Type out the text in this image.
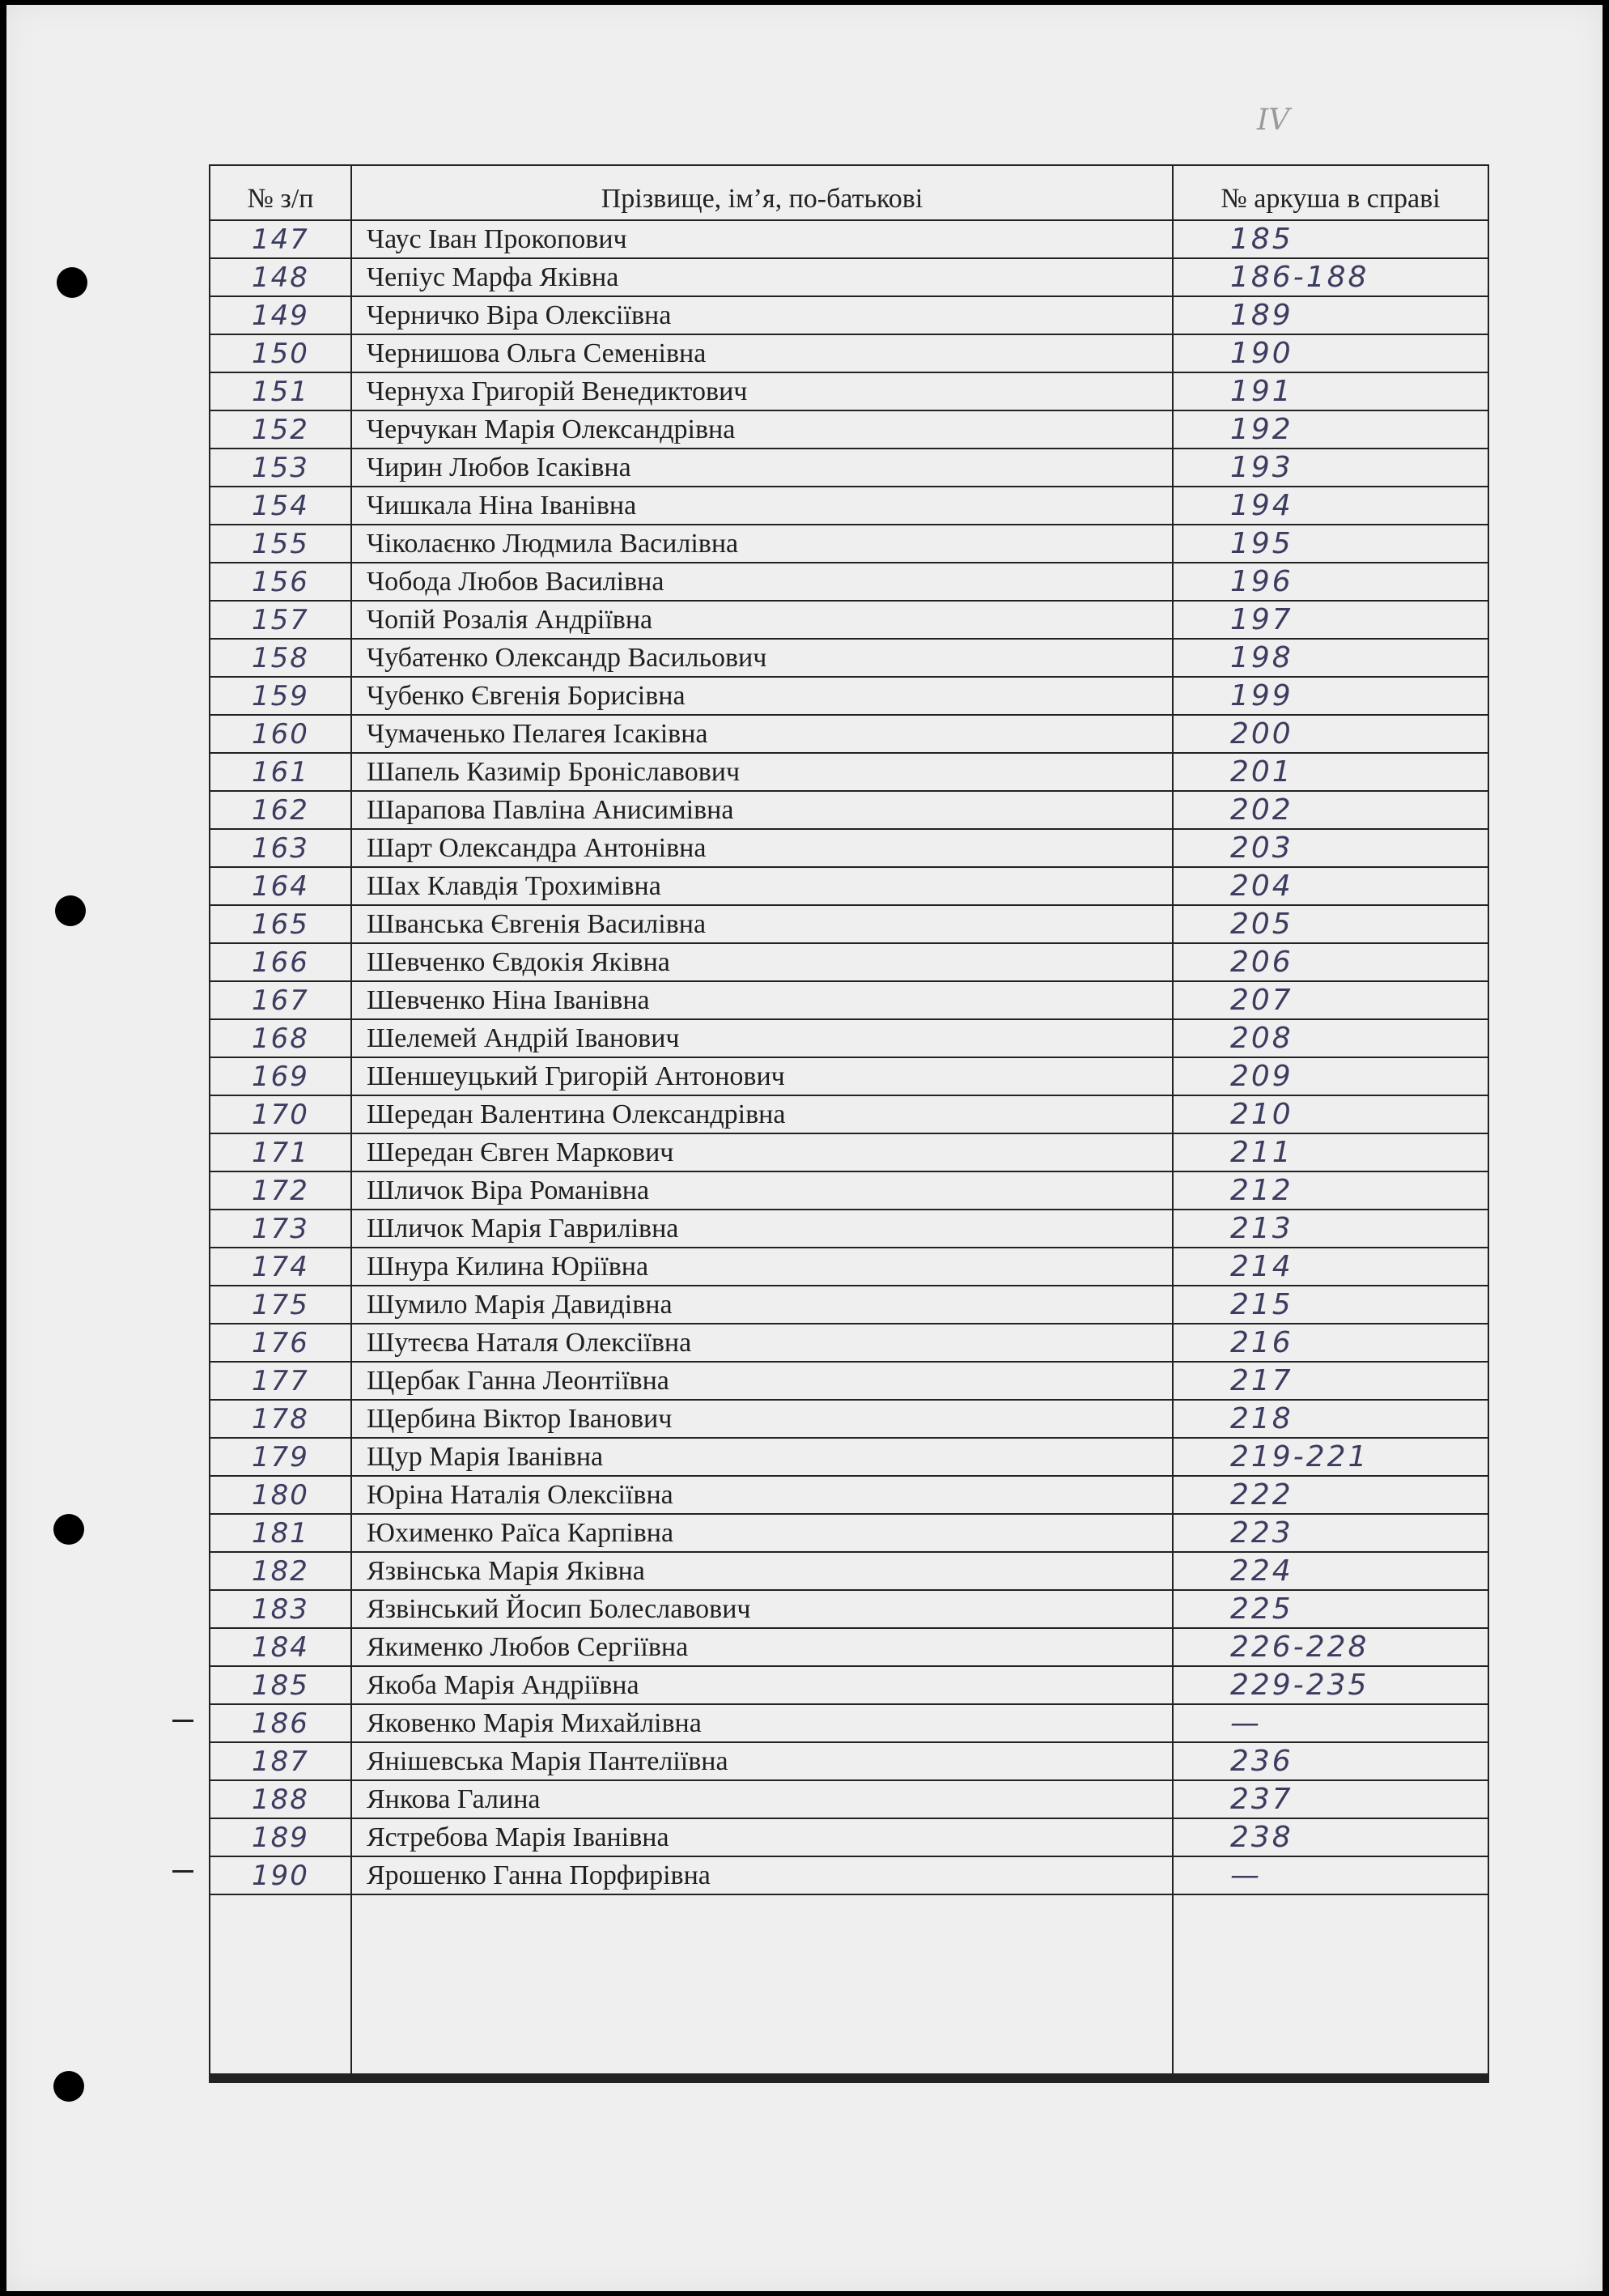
IV
№ з/п	Прізвище, ім’я, по-батькові	№ аркуша в справі
147	Чаус Іван Прокопович	185
148	Чепіус Марфа Яківна	186-188
149	Черничко Віра Олексіївна	189
150	Чернишова Ольга Семенівна	190
151	Чернуха Григорій Венедиктович	191
152	Черчукан Марія Олександрівна	192
153	Чирин Любов Ісаківна	193
154	Чишкала Ніна Іванівна	194
155	Чіколаєнко Людмила Василівна	195
156	Чобода Любов Василівна	196
157	Чопій Розалія Андріївна	197
158	Чубатенко Олександр Васильович	198
159	Чубенко Євгенія Борисівна	199
160	Чумаченько Пелагея Ісаківна	200
161	Шапель Казимір Броніславович	201
162	Шарапова Павліна Анисимівна	202
163	Шарт Олександра Антонівна	203
164	Шах Клавдія Трохимівна	204
165	Шванська Євгенія Василівна	205
166	Шевченко Євдокія Яківна	206
167	Шевченко Ніна Іванівна	207
168	Шелемей Андрій Іванович	208
169	Шеншеуцький Григорій Антонович	209
170	Шередан Валентина Олександрівна	210
171	Шередан Євген Маркович	211
172	Шличок Віра Романівна	212
173	Шличок Марія Гаврилівна	213
174	Шнура Килина Юріївна	214
175	Шумило Марія Давидівна	215
176	Шутеєва Наталя Олексіївна	216
177	Щербак Ганна Леонтіївна	217
178	Щербина Віктор Іванович	218
179	Щур Марія Іванівна	219-221
180	Юріна Наталія Олексіївна	222
181	Юхименко Раїса Карпівна	223
182	Язвінська Марія Яківна	224
183	Язвінський Йосип Болеславович	225
184	Якименко Любов Сергіївна	226-228
185	Якоба Марія Андріївна	229-235
186	Яковенко Марія Михайлівна	—
187	Янішевська Марія Пантеліївна	236
188	Янкова Галина	237
189	Ястребова Марія Іванівна	238
190	Ярошенко Ганна Порфирівна	—
